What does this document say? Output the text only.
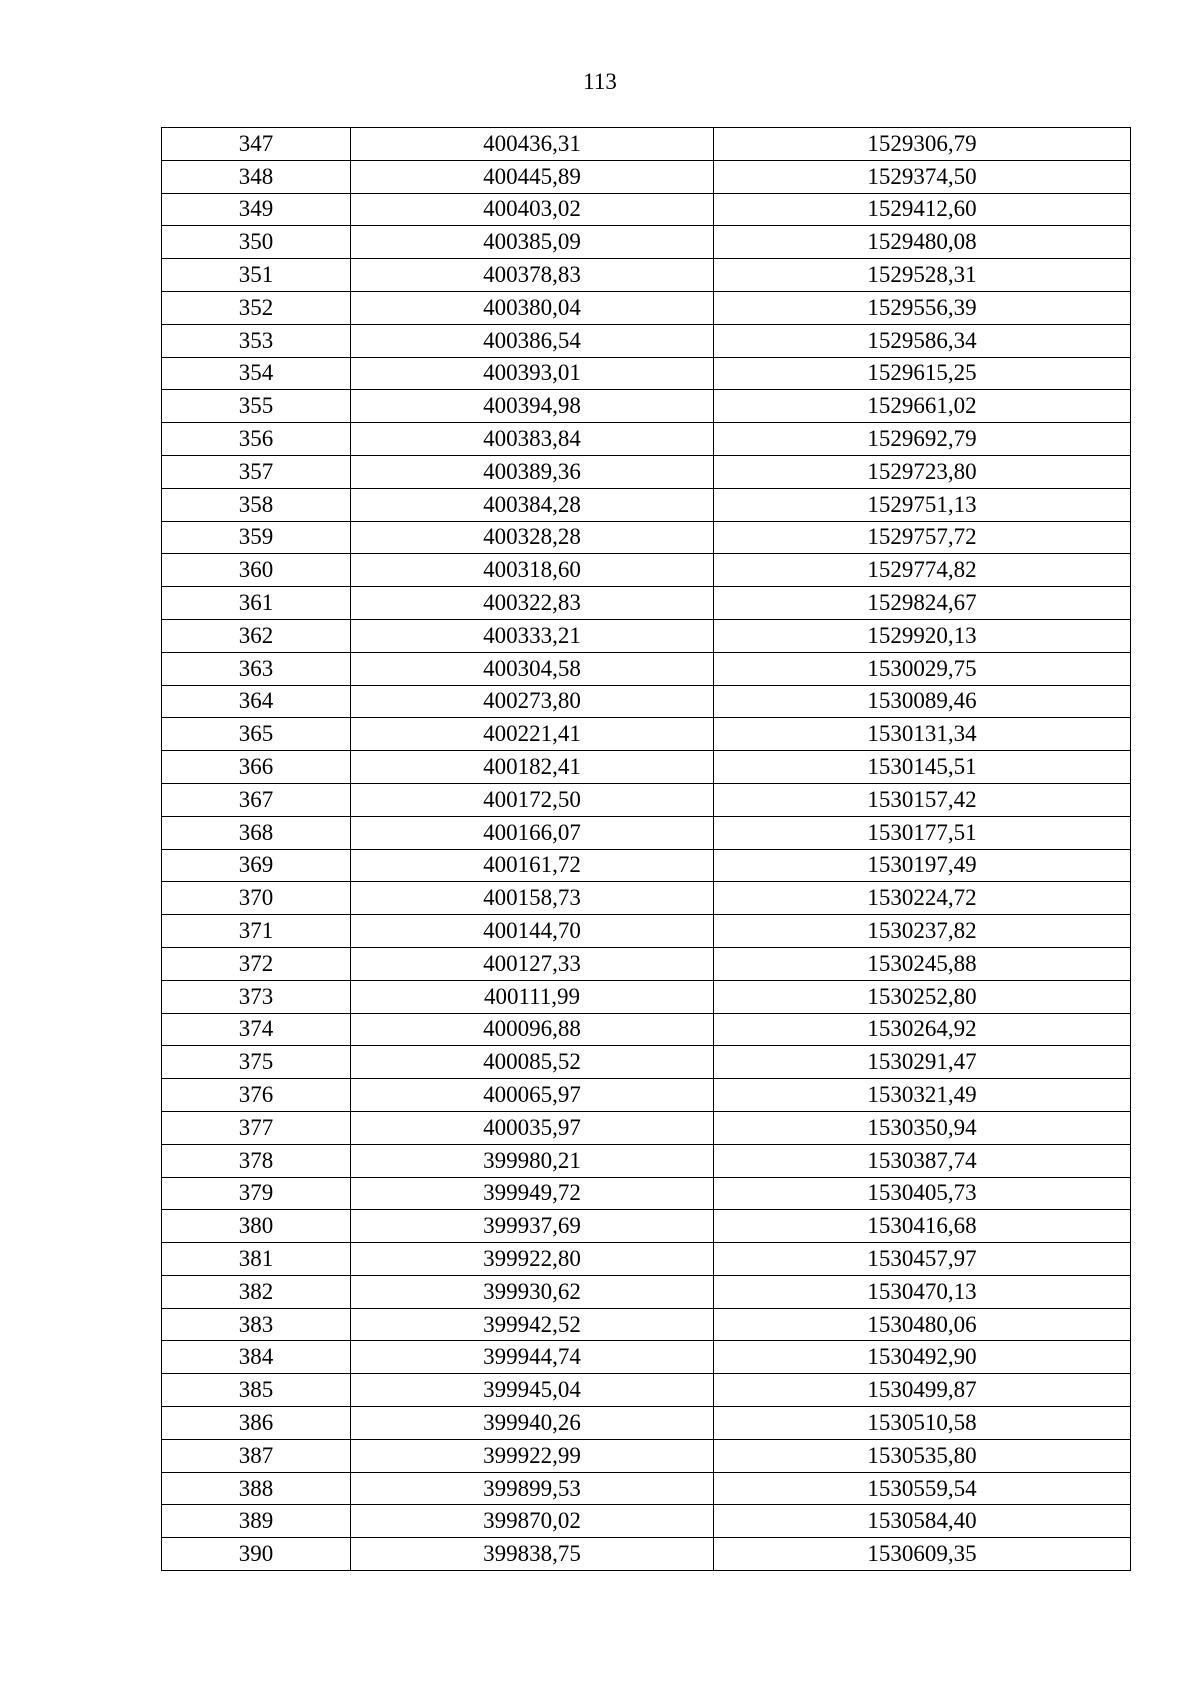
113
347	400436,31	1529306,79
348	400445,89	1529374,50
349	400403,02	1529412,60
350	400385,09	1529480,08
351	400378,83	1529528,31
352	400380,04	1529556,39
353	400386,54	1529586,34
354	400393,01	1529615,25
355	400394,98	1529661,02
356	400383,84	1529692,79
357	400389,36	1529723,80
358	400384,28	1529751,13
359	400328,28	1529757,72
360	400318,60	1529774,82
361	400322,83	1529824,67
362	400333,21	1529920,13
363	400304,58	1530029,75
364	400273,80	1530089,46
365	400221,41	1530131,34
366	400182,41	1530145,51
367	400172,50	1530157,42
368	400166,07	1530177,51
369	400161,72	1530197,49
370	400158,73	1530224,72
371	400144,70	1530237,82
372	400127,33	1530245,88
373	400111,99	1530252,80
374	400096,88	1530264,92
375	400085,52	1530291,47
376	400065,97	1530321,49
377	400035,97	1530350,94
378	399980,21	1530387,74
379	399949,72	1530405,73
380	399937,69	1530416,68
381	399922,80	1530457,97
382	399930,62	1530470,13
383	399942,52	1530480,06
384	399944,74	1530492,90
385	399945,04	1530499,87
386	399940,26	1530510,58
387	399922,99	1530535,80
388	399899,53	1530559,54
389	399870,02	1530584,40
390	399838,75	1530609,35
